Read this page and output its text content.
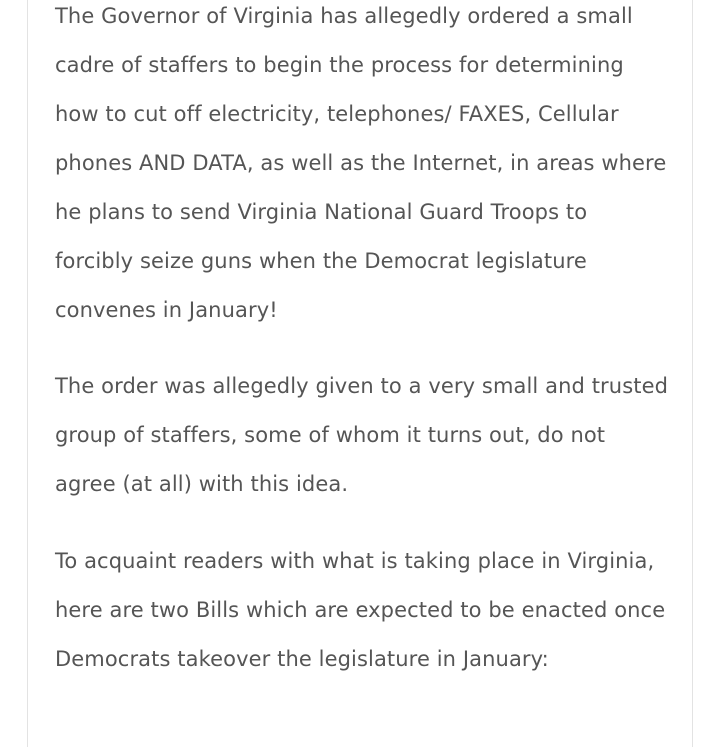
The Governor of Virginia has allegedly ordered a small cadre of staffers to begin the process for determining how to cut off electricity, telephones/ FAXES, Cellular phones AND DATA, as well as the Internet, in areas where he plans to send Virginia National Guard Troops to forcibly seize guns when the Democrat legislature convenes in January!

The order was allegedly given to a very small and trusted group of staffers, some of whom it turns out, do not agree (at all) with this idea.

To acquaint readers with what is taking place in Virginia, here are two Bills which are expected to be enacted once Democrats takeover the legislature in January:
